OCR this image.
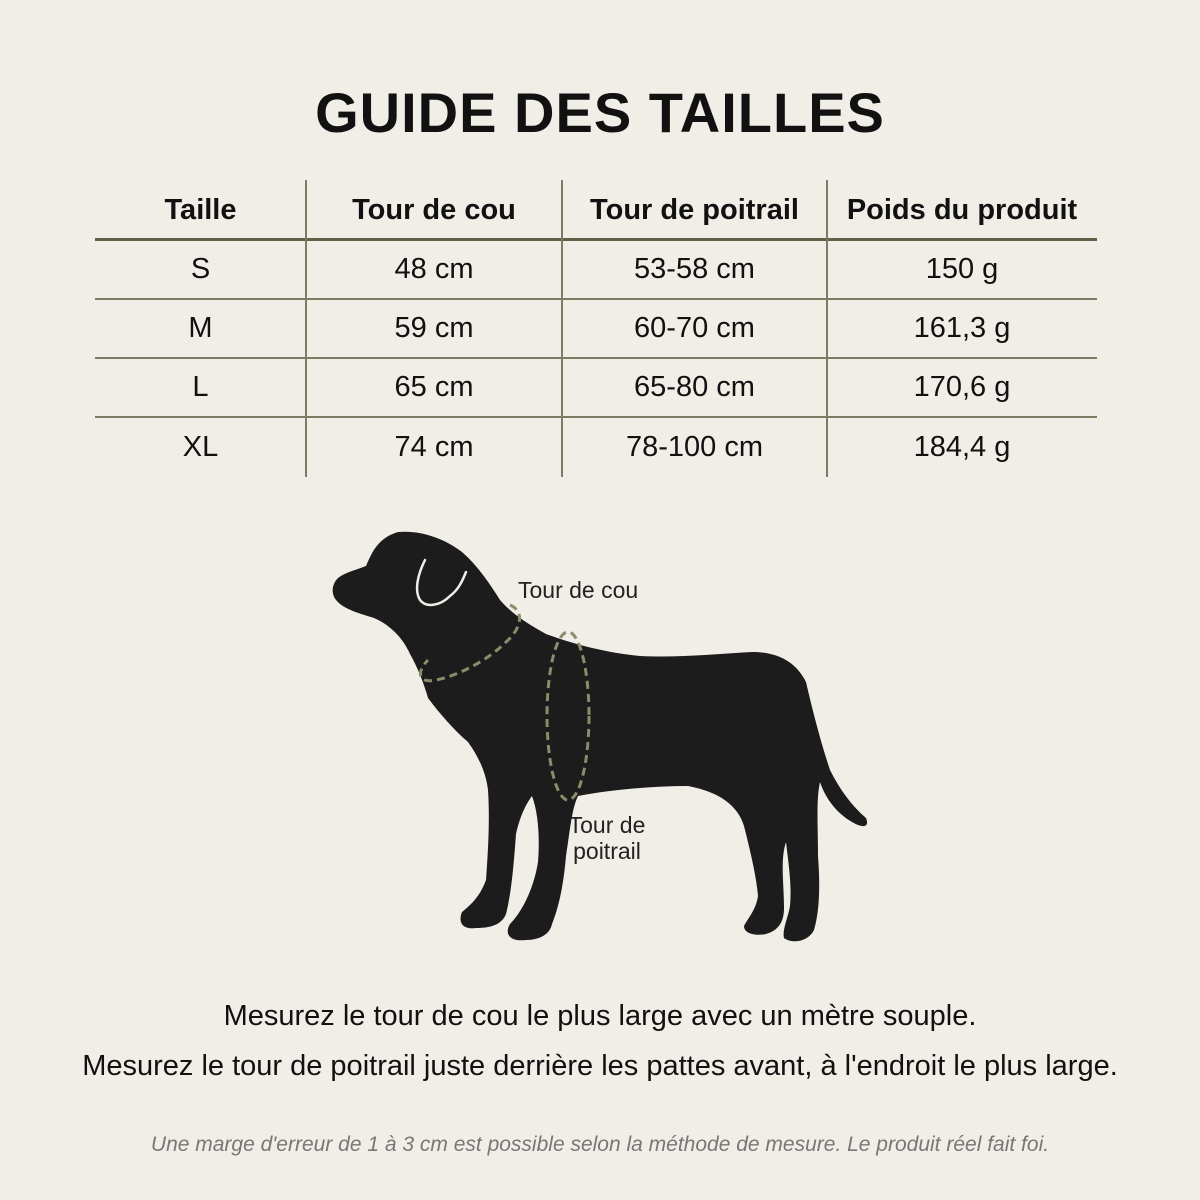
GUIDE DES TAILLES
Taille	Tour de cou	Tour de poitrail	Poids du produit
S	48 cm	53-58 cm	150 g
M	59 cm	60-70 cm	161,3 g
L	65 cm	65-80 cm	170,6 g
XL	74 cm	78-100 cm	184,4 g
Tour de cou
Tour de
poitrail
Mesurez le tour de cou le plus large avec un mètre souple.
Mesurez le tour de poitrail juste derrière les pattes avant, à l'endroit le plus large.
Une marge d'erreur de 1 à 3 cm est possible selon la méthode de mesure. Le produit réel fait foi.
